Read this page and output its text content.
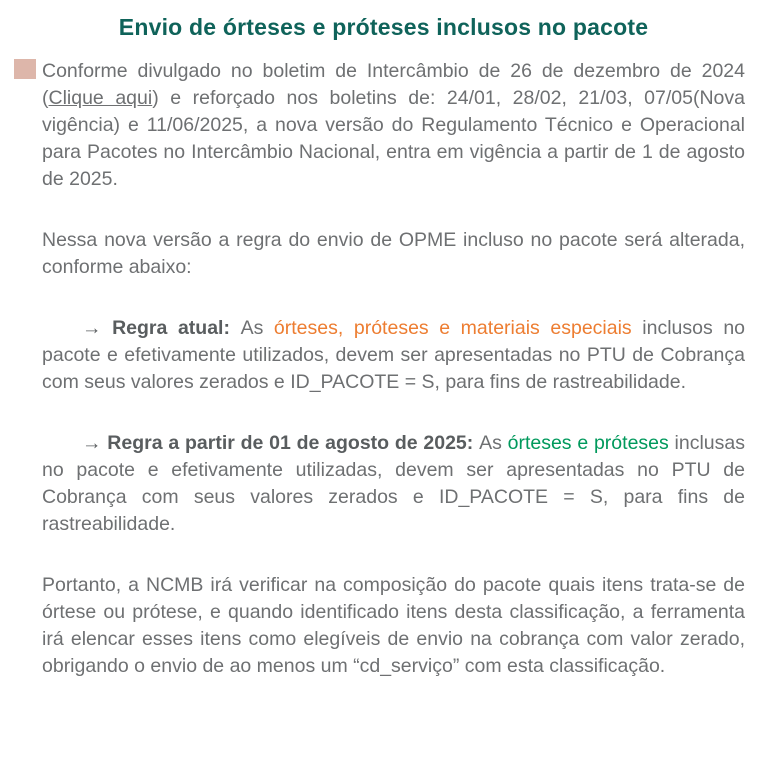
Envio de órteses e próteses inclusos no pacote

Conforme divulgado no boletim de Intercâmbio de 26 de dezembro de 2024 (Clique aqui) e reforçado nos boletins de: 24/01, 28/02, 21/03, 07/05(Nova vigência) e 11/06/2025, a nova versão do Regulamento Técnico e Operacional para Pacotes no Intercâmbio Nacional, entra em vigência a partir de 1 de agosto de 2025.

Nessa nova versão a regra do envio de OPME incluso no pacote será alterada, conforme abaixo:

→ Regra atual: As órteses, próteses e materiais especiais inclusos no pacote e efetivamente utilizados, devem ser apresentadas no PTU de Cobrança com seus valores zerados e ID_PACOTE = S, para fins de rastreabilidade.

→ Regra a partir de 01 de agosto de 2025: As órteses e próteses inclusas no pacote e efetivamente utilizadas, devem ser apresentadas no PTU de Cobrança com seus valores zerados e ID_PACOTE = S, para fins de rastreabilidade.

Portanto, a NCMB irá verificar na composição do pacote quais itens trata-se de órtese ou prótese, e quando identificado itens desta classificação, a ferramenta irá elencar esses itens como elegíveis de envio na cobrança com valor zerado, obrigando o envio de ao menos um “cd_serviço” com esta classificação.
